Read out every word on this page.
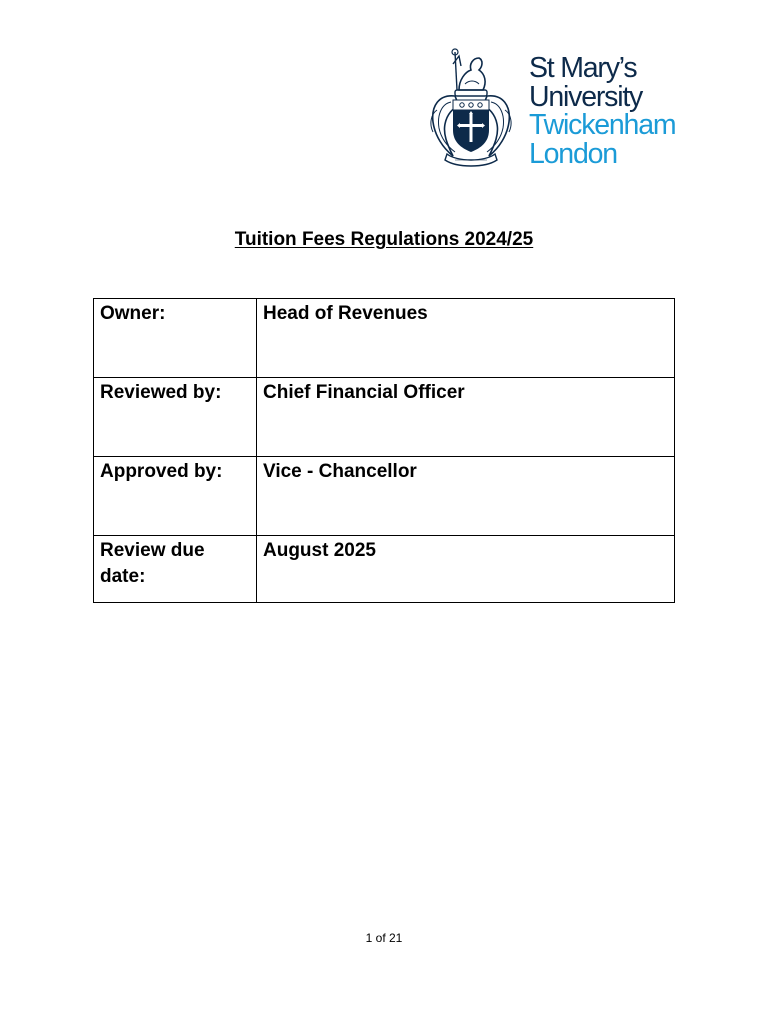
St Mary’s
University
Twickenham
London
Tuition Fees Regulations 2024/25
Owner:	Head of Revenues
Reviewed by:	Chief Financial Officer
Approved by:	Vice - Chancellor
Review due date:	August 2025
1 of 21
